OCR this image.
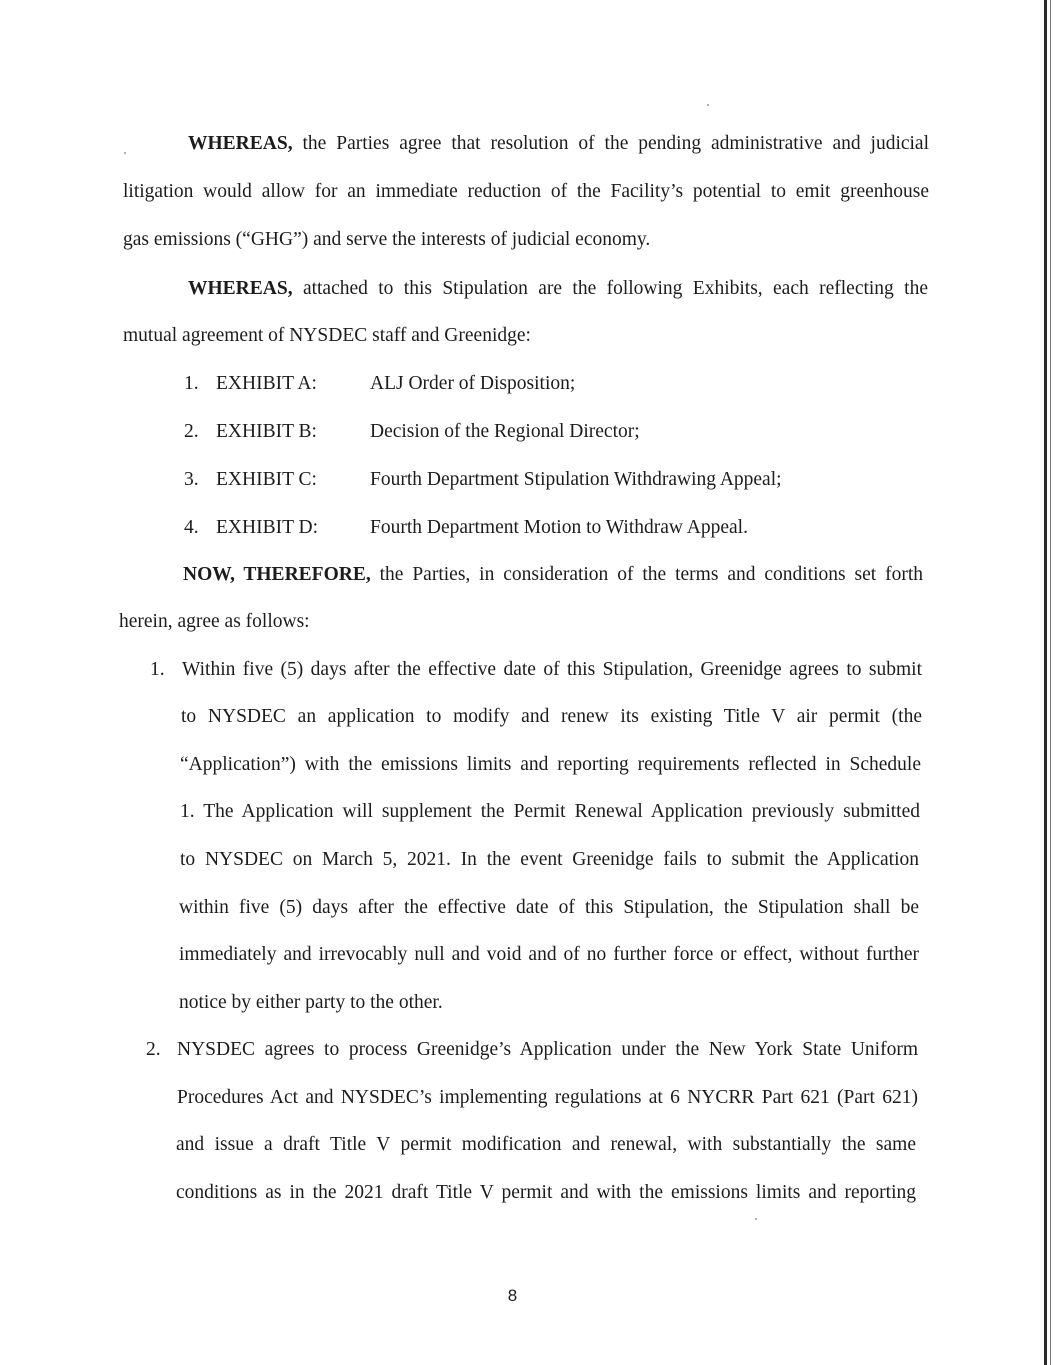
WHEREAS, the Parties agree that resolution of the pending administrative and judicial
litigation would allow for an immediate reduction of the Facility’s potential to emit greenhouse
gas emissions (“GHG”) and serve the interests of judicial economy.
WHEREAS, attached to this Stipulation are the following Exhibits, each reflecting the
mutual agreement of NYSDEC staff and Greenidge:
1. EXHIBIT A:	ALJ Order of Disposition;
2. EXHIBIT B:	Decision of the Regional Director;
3. EXHIBIT C:	Fourth Department Stipulation Withdrawing Appeal;
4. EXHIBIT D:	Fourth Department Motion to Withdraw Appeal.
NOW, THEREFORE, the Parties, in consideration of the terms and conditions set forth
herein, agree as follows:
1. Within five (5) days after the effective date of this Stipulation, Greenidge agrees to submit
to NYSDEC an application to modify and renew its existing Title V air permit (the
“Application”) with the emissions limits and reporting requirements reflected in Schedule
1. The Application will supplement the Permit Renewal Application previously submitted
to NYSDEC on March 5, 2021. In the event Greenidge fails to submit the Application
within five (5) days after the effective date of this Stipulation, the Stipulation shall be
immediately and irrevocably null and void and of no further force or effect, without further
notice by either party to the other.
2. NYSDEC agrees to process Greenidge’s Application under the New York State Uniform
Procedures Act and NYSDEC’s implementing regulations at 6 NYCRR Part 621 (Part 621)
and issue a draft Title V permit modification and renewal, with substantially the same
conditions as in the 2021 draft Title V permit and with the emissions limits and reporting
8
